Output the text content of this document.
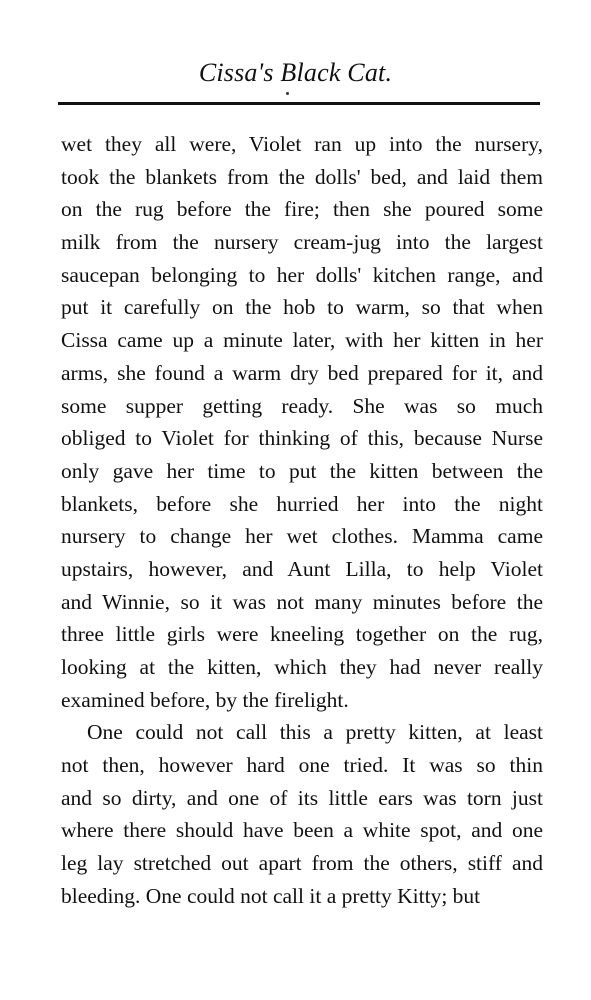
Cissa's Black Cat.
wet they all were, Violet ran up into the nursery,
took the blankets from the dolls' bed, and laid them
on the rug before the fire; then she poured some
milk from the nursery cream-jug into the largest
saucepan belonging to her dolls' kitchen range, and
put it carefully on the hob to warm, so that when
Cissa came up a minute later, with her kitten in her
arms, she found a warm dry bed prepared for it, and
some supper getting ready. She was so much
obliged to Violet for thinking of this, because Nurse
only gave her time to put the kitten between the
blankets, before she hurried her into the night
nursery to change her wet clothes. Mamma came
upstairs, however, and Aunt Lilla, to help Violet
and Winnie, so it was not many minutes before the
three little girls were kneeling together on the rug,
looking at the kitten, which they had never really
examined before, by the firelight.
One could not call this a pretty kitten, at least
not then, however hard one tried. It was so thin
and so dirty, and one of its little ears was torn just
where there should have been a white spot, and one
leg lay stretched out apart from the others, stiff and
bleeding. One could not call it a pretty Kitty; but
